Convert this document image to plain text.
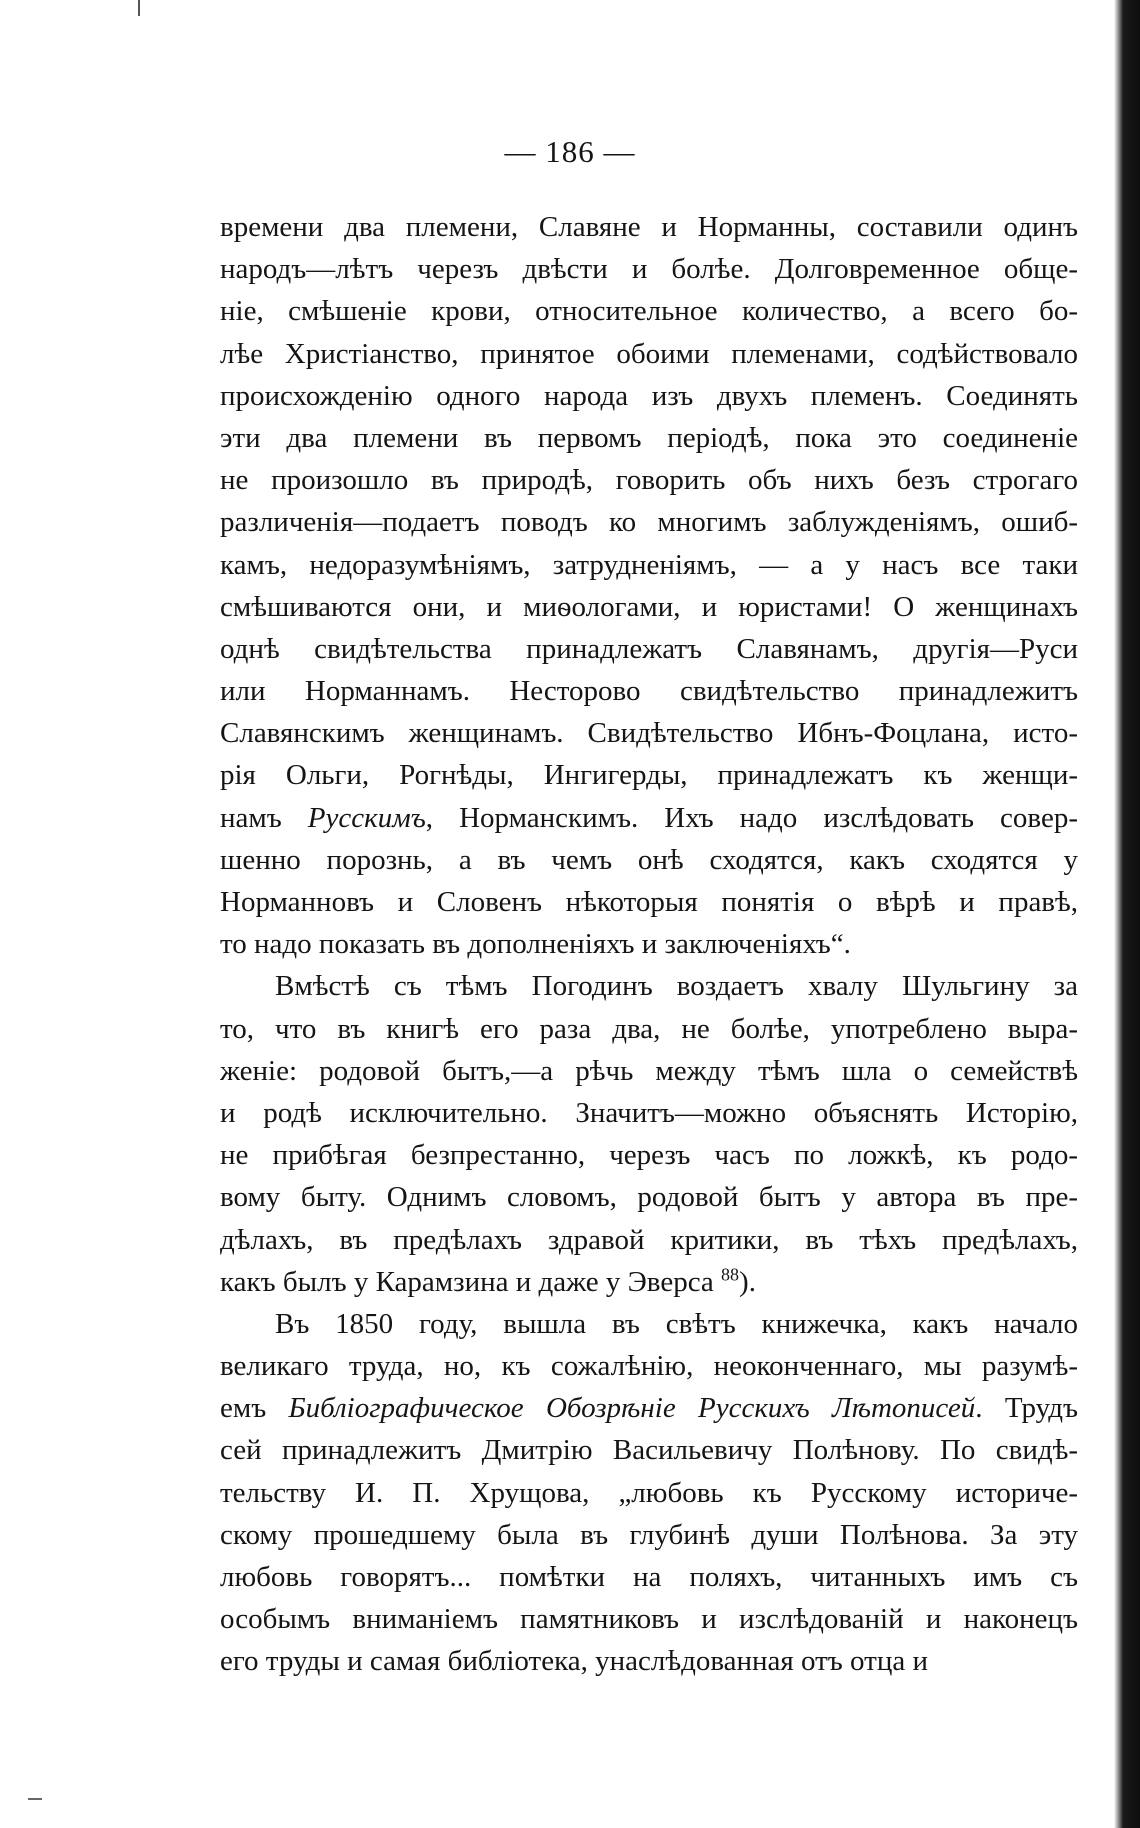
— 186 —
времени два племени, Славяне и Норманны, составили одинъ
народъ—лѣтъ черезъ двѣсти и болѣе. Долговременное обще-
ніе, смѣшеніе крови, относительное количество, а всего бо-
лѣе Христіанство, принятое обоими племенами, содѣйствовало
происхожденію одного народа изъ двухъ племенъ. Соединять
эти два племени въ первомъ періодѣ, пока это соединеніе
не произошло въ природѣ, говорить объ нихъ безъ строгаго
различенія—подаетъ поводъ ко многимъ заблужденіямъ, ошиб-
камъ, недоразумѣніямъ, затрудненіямъ, — а у насъ все таки
смѣшиваются они, и миѳологами, и юристами! О женщинахъ
однѣ свидѣтельства принадлежатъ Славянамъ, другія—Руси
или Норманнамъ. Несторово свидѣтельство принадлежитъ
Славянскимъ женщинамъ. Свидѣтельство Ибнъ-Фоцлана, исто-
рія Ольги, Рогнѣды, Ингигерды, принадлежатъ къ женщи-
намъ Русскимъ, Норманскимъ. Ихъ надо изслѣдовать совер-
шенно порознь, а въ чемъ онѣ сходятся, какъ сходятся у
Норманновъ и Словенъ нѣкоторыя понятія о вѣрѣ и правѣ,
то надо показать въ дополненіяхъ и заключеніяхъ“.
Вмѣстѣ съ тѣмъ Погодинъ воздаетъ хвалу Шульгину за
то, что въ книгѣ его раза два, не болѣе, употреблено выра-
женіе: родовой бытъ,—а рѣчь между тѣмъ шла о семействѣ
и родѣ исключительно. Значитъ—можно объяснять Исторію,
не прибѣгая безпрестанно, черезъ часъ по ложкѣ, къ родо-
вому быту. Однимъ словомъ, родовой бытъ у автора въ пре-
дѣлахъ, въ предѣлахъ здравой критики, въ тѣхъ предѣлахъ,
какъ былъ у Карамзина и даже у Эверса $^{88}$).
Въ 1850 году, вышла въ свѣтъ книжечка, какъ начало
великаго труда, но, къ сожалѣнію, неоконченнаго, мы разумѣ-
емъ Библіографическое Обозрѣніе Русскихъ Лѣтописей. Трудъ
сей принадлежитъ Дмитрію Васильевичу Полѣнову. По свидѣ-
тельству И. П. Хрущова, „любовь къ Русскому историче-
скому прошедшему была въ глубинѣ души Полѣнова. За эту
любовь говорятъ... помѣтки на поляхъ, читанныхъ имъ съ
особымъ вниманіемъ памятниковъ и изслѣдованій и наконецъ
его труды и самая библіотека, унаслѣдованная отъ отца и
